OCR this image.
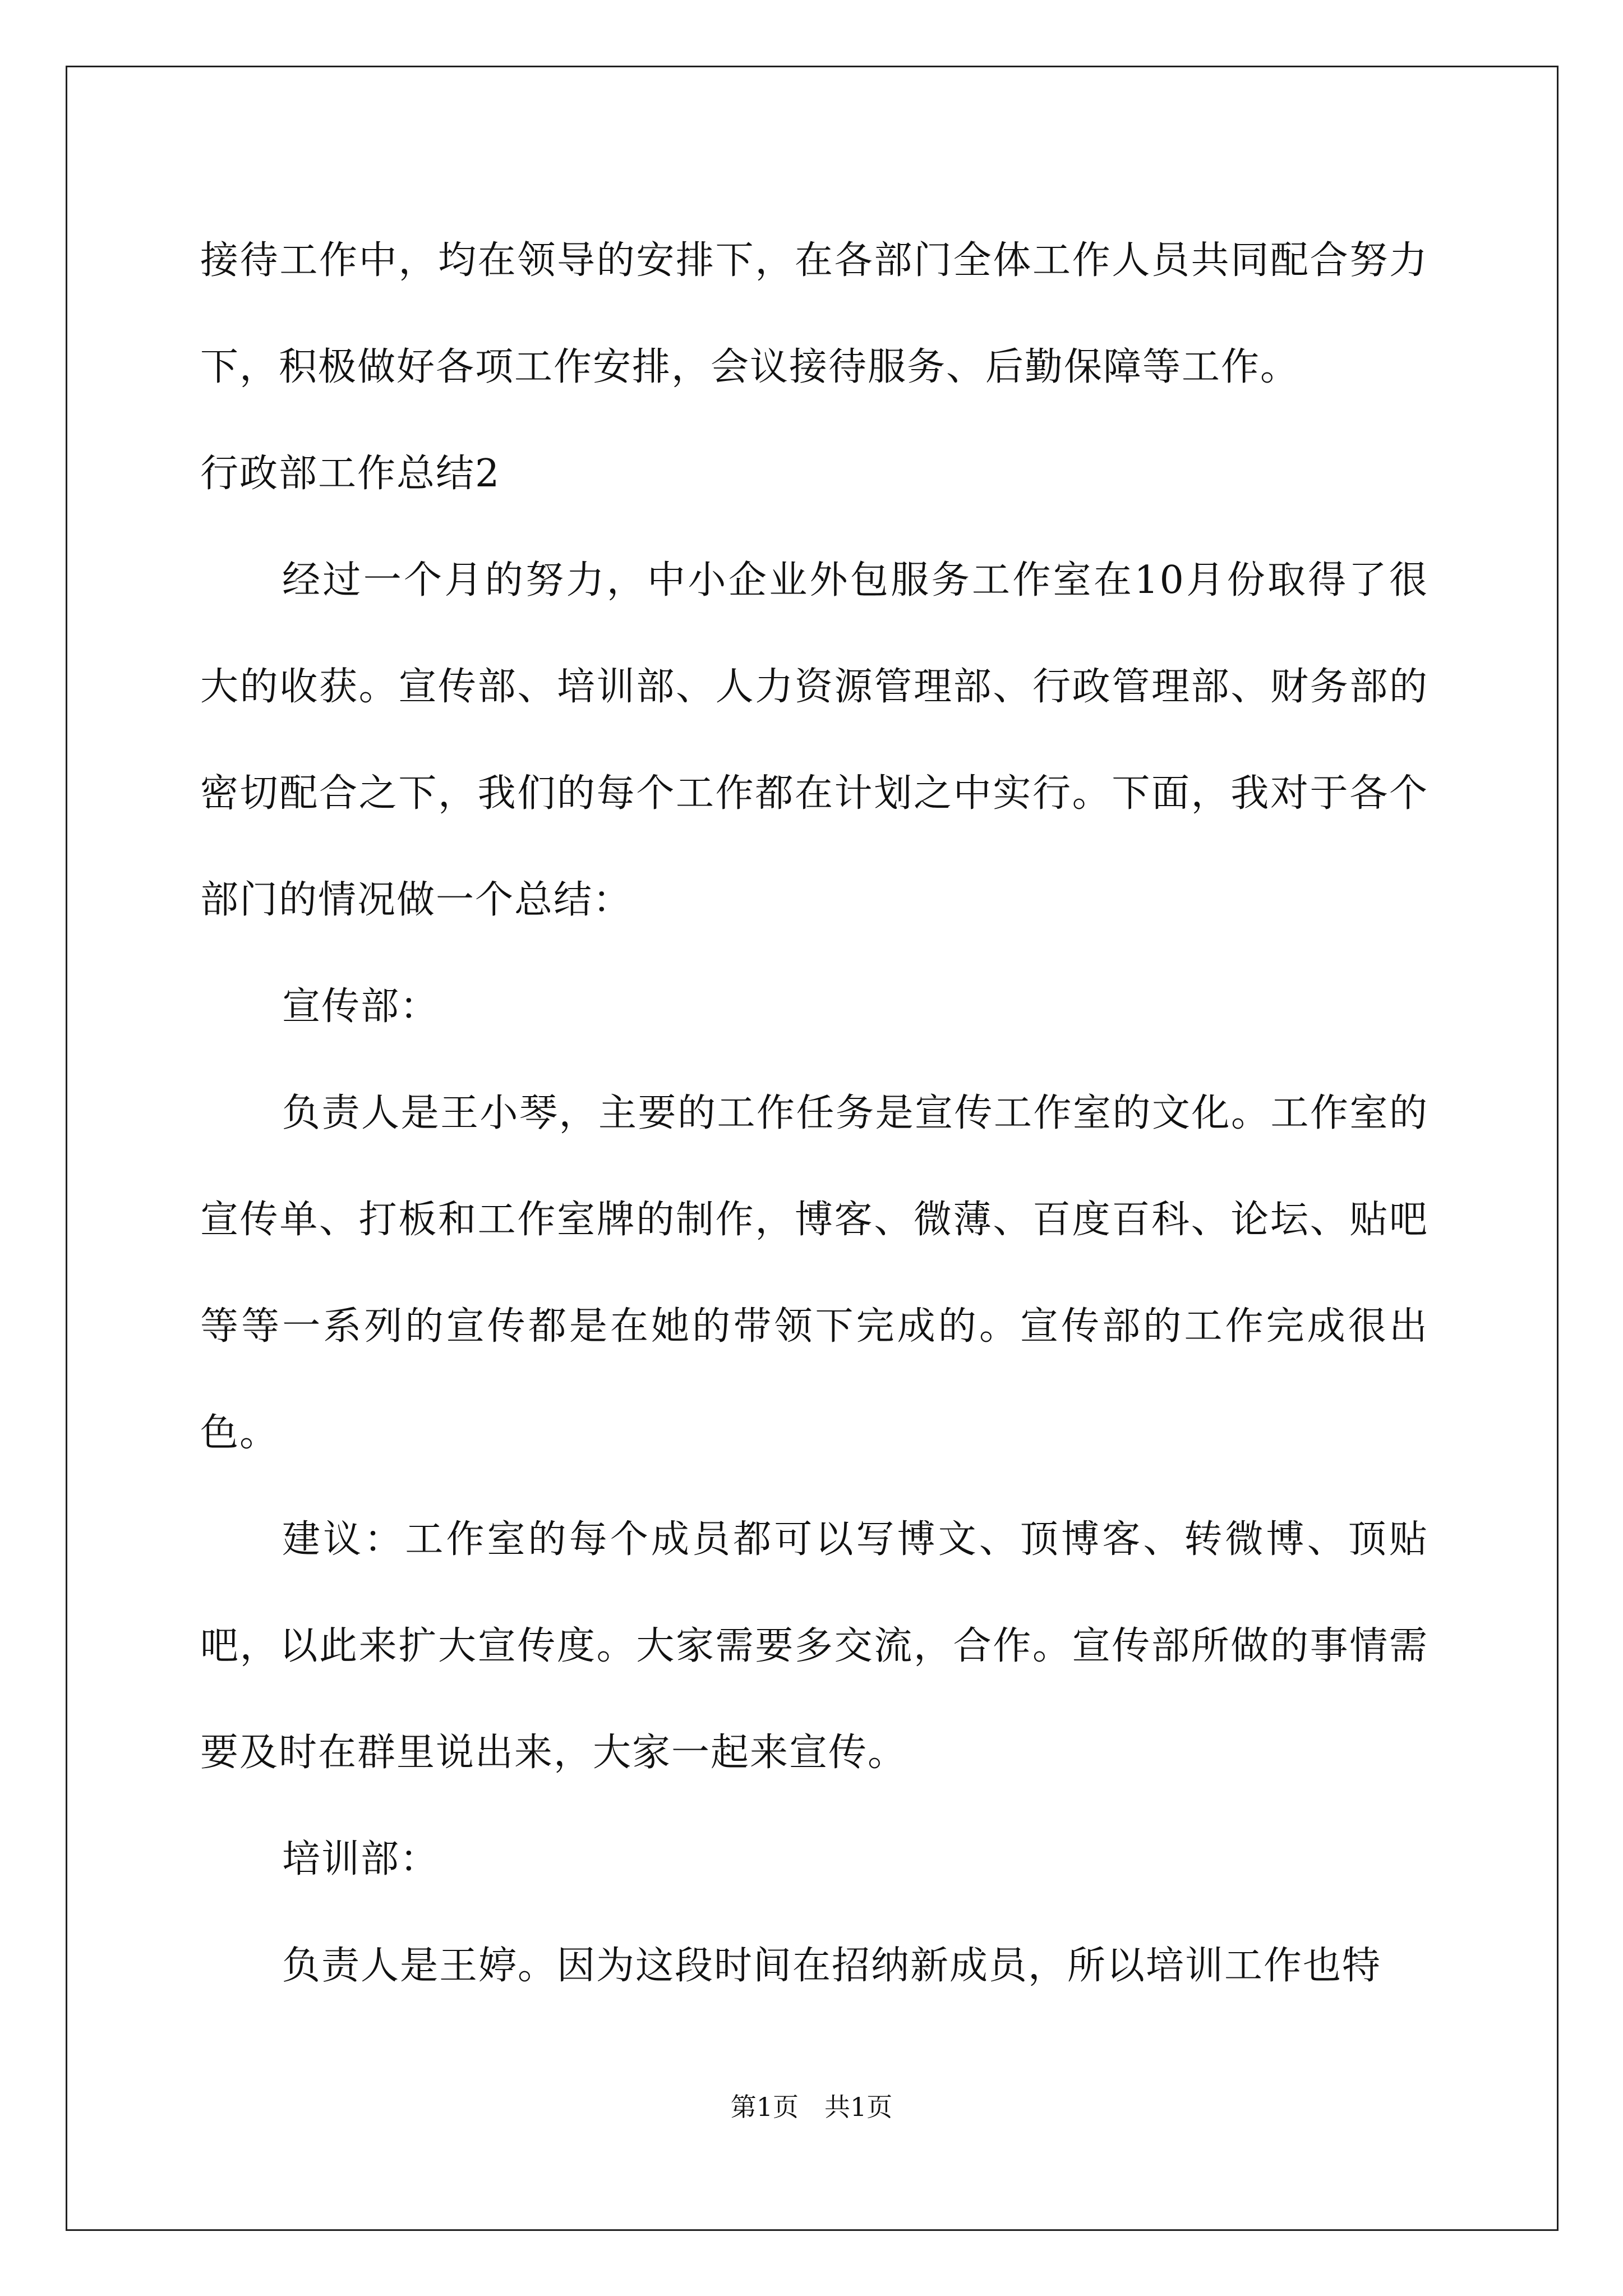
接待工作中，均在领导的安排下，在各部门全体工作人员共同配合努力下，积极做好各项工作安排，会议接待服务、后勤保障等工作。

行政部工作总结2

经过一个月的努力，中小企业外包服务工作室在10月份取得了很大的收获。宣传部、培训部、人力资源管理部、行政管理部、财务部的密切配合之下，我们的每个工作都在计划之中实行。下面，我对于各个部门的情况做一个总结：

宣传部：

负责人是王小琴，主要的工作任务是宣传工作室的文化。工作室的宣传单、打板和工作室牌的制作，博客、微薄、百度百科、论坛、贴吧等等一系列的宣传都是在她的带领下完成的。宣传部的工作完成很出色。

建议：工作室的每个成员都可以写博文、顶博客、转微博、顶贴吧，以此来扩大宣传度。大家需要多交流，合作。宣传部所做的事情需要及时在群里说出来，大家一起来宣传。

培训部：

负责人是王婷。因为这段时间在招纳新成员，所以培训工作也特

第1页　共1页
